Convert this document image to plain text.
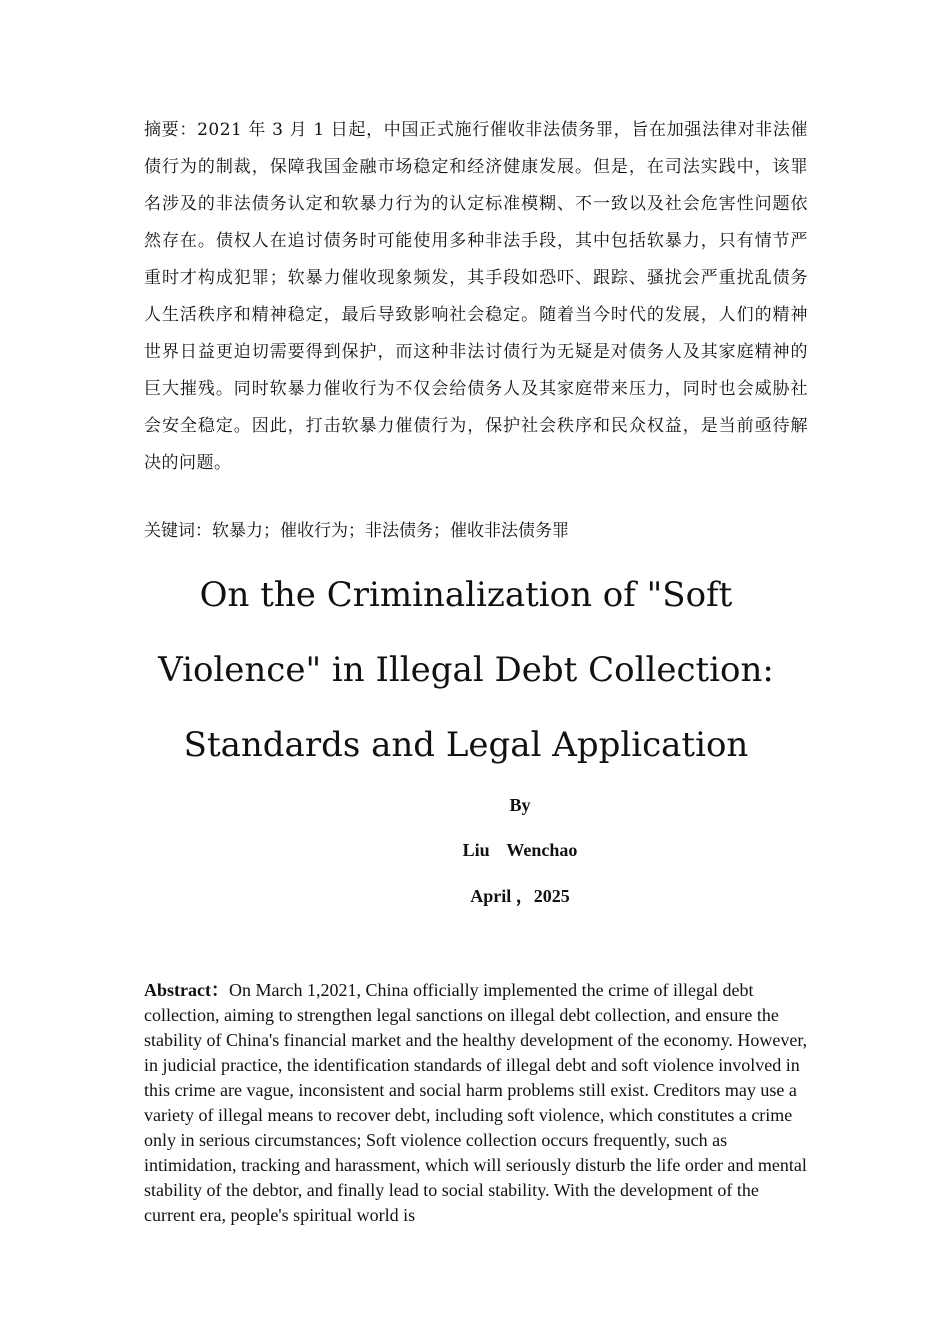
摘要：2021 年 3 月 1 日起，中国正式施行催收非法债务罪，旨在加强法律对非法催债行为的制裁，保障我国金融市场稳定和经济健康发展。但是，在司法实践中，该罪名涉及的非法债务认定和软暴力行为的认定标准模糊、不一致以及社会危害性问题依然存在。债权人在追讨债务时可能使用多种非法手段，其中包括软暴力，只有情节严重时才构成犯罪；软暴力催收现象频发，其手段如恐吓、跟踪、骚扰会严重扰乱债务人生活秩序和精神稳定，最后导致影响社会稳定。随着当今时代的发展，人们的精神世界日益更迫切需要得到保护，而这种非法讨债行为无疑是对债务人及其家庭精神的巨大摧残。同时软暴力催收行为不仅会给债务人及其家庭带来压力，同时也会威胁社会安全稳定。因此，打击软暴力催债行为，保护社会秩序和民众权益，是当前亟待解决的问题。
关键词：软暴力；催收行为；非法债务；催收非法债务罪
On the Criminalization of "Soft Violence" in Illegal Debt Collection: Standards and Legal Application
By
Liu  Wenchao
April ，2025
Abstract：On March 1,2021, China officially implemented the crime of illegal debt collection, aiming to strengthen legal sanctions on illegal debt collection, and ensure the stability of China's financial market and the healthy development of the economy. However, in judicial practice, the identification standards of illegal debt and soft violence involved in this crime are vague, inconsistent and social harm problems still exist. Creditors may use a variety of illegal means to recover debt, including soft violence, which constitutes a crime only in serious circumstances; Soft violence collection occurs frequently, such as intimidation, tracking and harassment, which will seriously disturb the life order and mental stability of the debtor, and finally lead to social stability. With the development of the current era, people's spiritual world is
